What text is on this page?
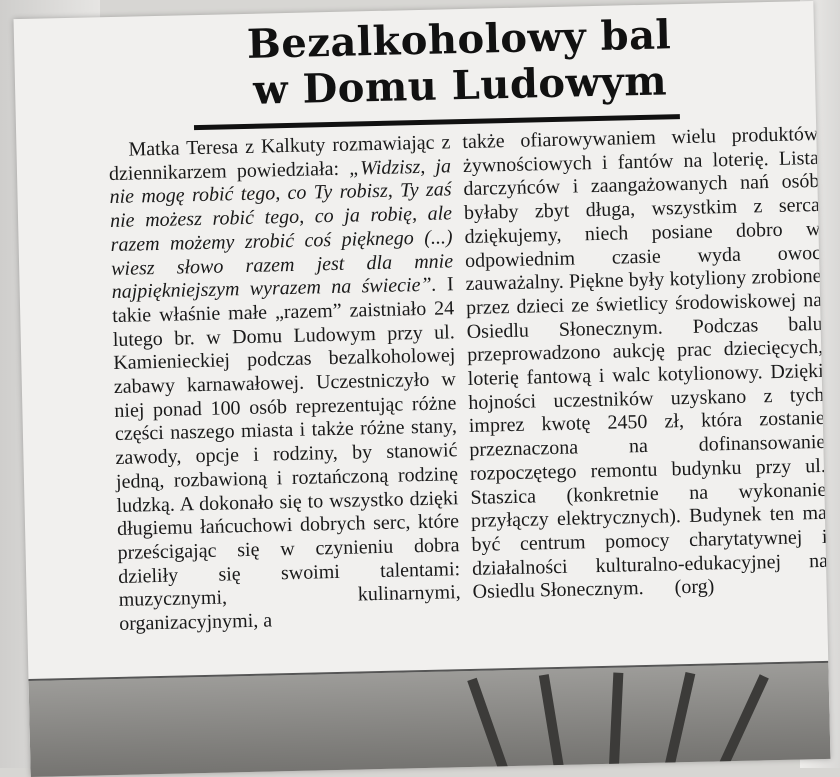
Bezalkoholowy bal
w Domu Ludowym
Matka Teresa z Kalkuty rozmawiając z dziennikarzem powiedziała: „Widzisz, ja nie mogę robić tego, co Ty robisz, Ty zaś nie możesz robić tego, co ja robię, ale razem możemy zrobić coś pięknego (...) wiesz słowo razem jest dla mnie najpiękniejszym wyrazem na świecie”. I takie właśnie małe „razem” zaistniało 24 lutego br. w Domu Ludowym przy ul. Kamienieckiej podczas bezalkoholowej zabawy karnawałowej. Uczestniczyło w niej ponad 100 osób reprezentując różne części naszego miasta i także różne stany, zawody, opcje i rodziny, by stanowić jedną, rozbawioną i roztańczoną rodzinę ludzką. A dokonało się to wszystko dzięki długiemu łańcuchowi dobrych serc, które prześcigając się w czynieniu dobra dzieliły się swoimi talentami: muzycznymi, kulinarnymi, organizacyjnymi, a
także ofiarowywaniem wielu produktów żywnościowych i fantów na loterię. Lista darczyńców i zaangażowanych nań osób byłaby zbyt długa, wszystkim z serca dziękujemy, niech posiane dobro w odpowiednim czasie wyda owoc zauważalny. Piękne były kotyliony zrobione przez dzieci ze świetlicy środowiskowej na Osiedlu Słonecznym. Podczas balu przeprowadzono aukcję prac dziecięcych, loterię fantową i walc kotylionowy. Dzięki hojności uczestników uzyskano z tych imprez kwotę 2450 zł, która zostanie przeznaczona na dofinansowanie rozpoczętego remontu budynku przy ul. Staszica (konkretnie na wykonanie przyłączy elektrycznych). Budynek ten ma być centrum pomocy charytatywnej i działalności kulturalno-edukacyjnej na Osiedlu Słonecznym. (org)
